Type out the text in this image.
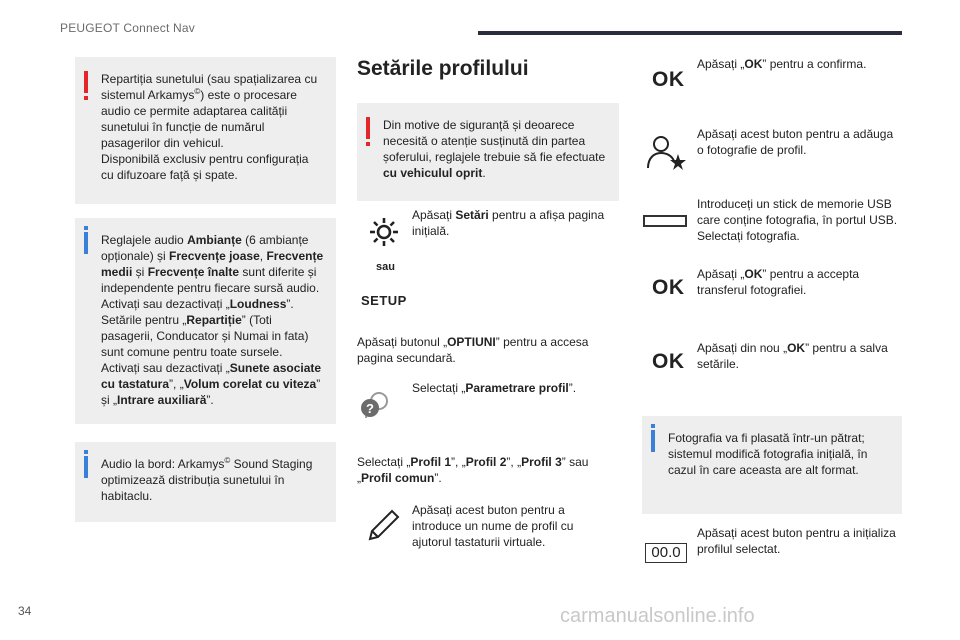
PEUGEOT Connect Nav

Repartiția sunetului (sau spațializarea cu sistemul Arkamys©) este o procesare audio ce permite adaptarea calității sunetului în funcție de numărul pasagerilor din vehicul.

Disponibilă exclusiv pentru configurația cu difuzoare față și spate.

Reglajele audio Ambianțe (6 ambianțe opționale) și Frecvențe joase, Frecvențe medii și Frecvențe înalte sunt diferite și independente pentru fiecare sursă audio.

Activați sau dezactivați „Loudness”.

Setările pentru „Repartiție” (Toti pasagerii, Conducator și Numai in fata) sunt comune pentru toate sursele.

Activați sau dezactivați „Sunete asociate cu tastatura”, „Volum corelat cu viteza” și „Intrare auxiliară”.

Audio la bord: Arkamys© Sound Staging optimizează distribuția sunetului în habitaclu.

Setările profilului

Din motive de siguranță și deoarece necesită o atenție susținută din partea șoferului, reglajele trebuie să fie efectuate cu vehiculul oprit.

sau
SETUP
Apăsați Setări pentru a afișa pagina inițială.
Apăsați butonul „OPTIUNI” pentru a accesa pagina secundară.
?
Selectați „Parametrare profil”.
Selectați „Profil 1”, „Profil 2”, „Profil 3” sau „Profil comun”.
Apăsați acest buton pentru a introduce un nume de profil cu ajutorul tastaturii virtuale.
OK
Apăsați „OK” pentru a confirma.
Apăsați acest buton pentru a adăuga o fotografie de profil.
Introduceți un stick de memorie USB care conține fotografia, în portul USB.
Selectați fotografia.
OK
Apăsați „OK” pentru a accepta transferul fotografiei.
OK
Apăsați din nou „OK” pentru a salva setările.

Fotografia va fi plasată într-un pătrat; sistemul modifică fotografia inițială, în cazul în care aceasta are alt format.

00.0
Apăsați acest buton pentru a inițializa profilul selectat.
34	carmanualsonline.info
